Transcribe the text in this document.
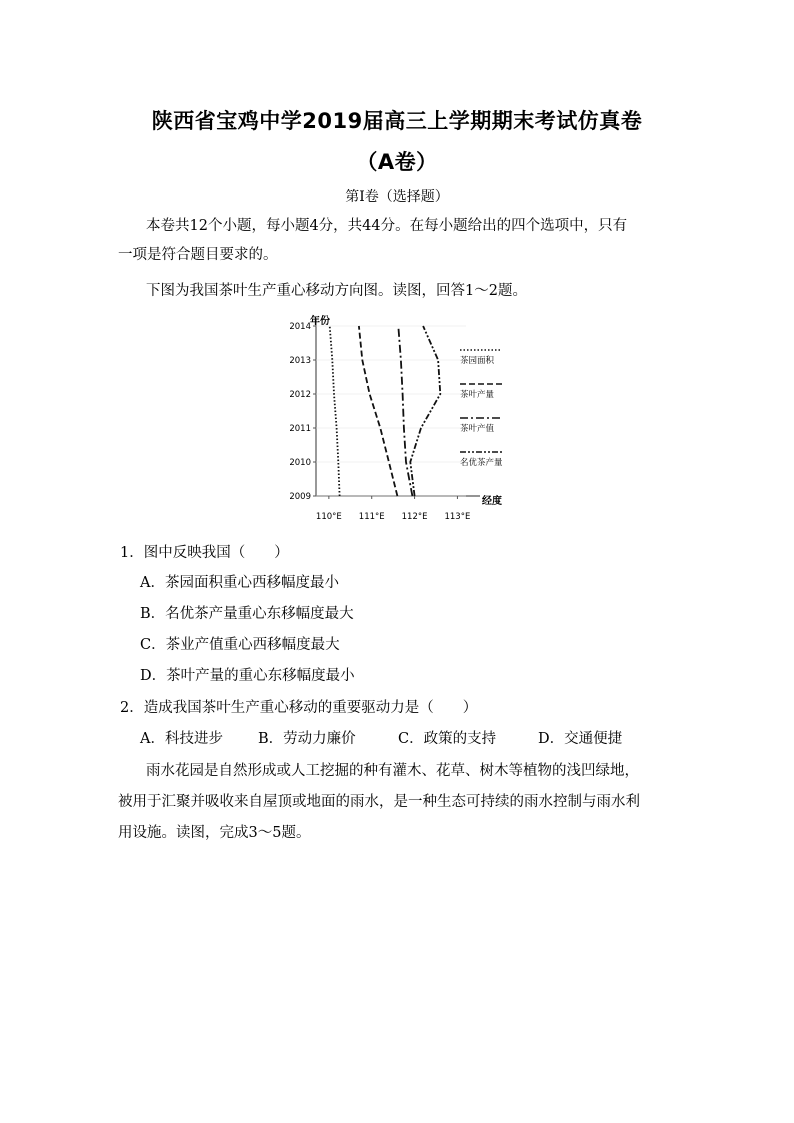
陕西省宝鸡中学2019届高三上学期期末考试仿真卷
（A卷）
第Ⅰ卷（选择题）
本卷共12个小题，每小题4分，共44分。在每小题给出的四个选项中，只有
一项是符合题目要求的。
下图为我国茶叶生产重心移动方向图。读图，回答1～2题。
年份
经度
2009
2010
2011
2012
2013
2014
110°E 111°E 112°E 113°E
茶园面积
茶叶产量
茶叶产值
名优茶产量
1．图中反映我国（　　）
A．茶园面积重心西移幅度最小
B．名优茶产量重心东移幅度最大
C．茶业产值重心西移幅度最大
D．茶叶产量的重心东移幅度最小
2．造成我国茶叶生产重心移动的重要驱动力是（　　）
A．科技进步 B．劳动力廉价	C．政策的支持	D．交通便捷
雨水花园是自然形成或人工挖掘的种有灌木、花草、树木等植物的浅凹绿地，
被用于汇聚并吸收来自屋顶或地面的雨水，是一种生态可持续的雨水控制与雨水利
用设施。读图，完成3～5题。
